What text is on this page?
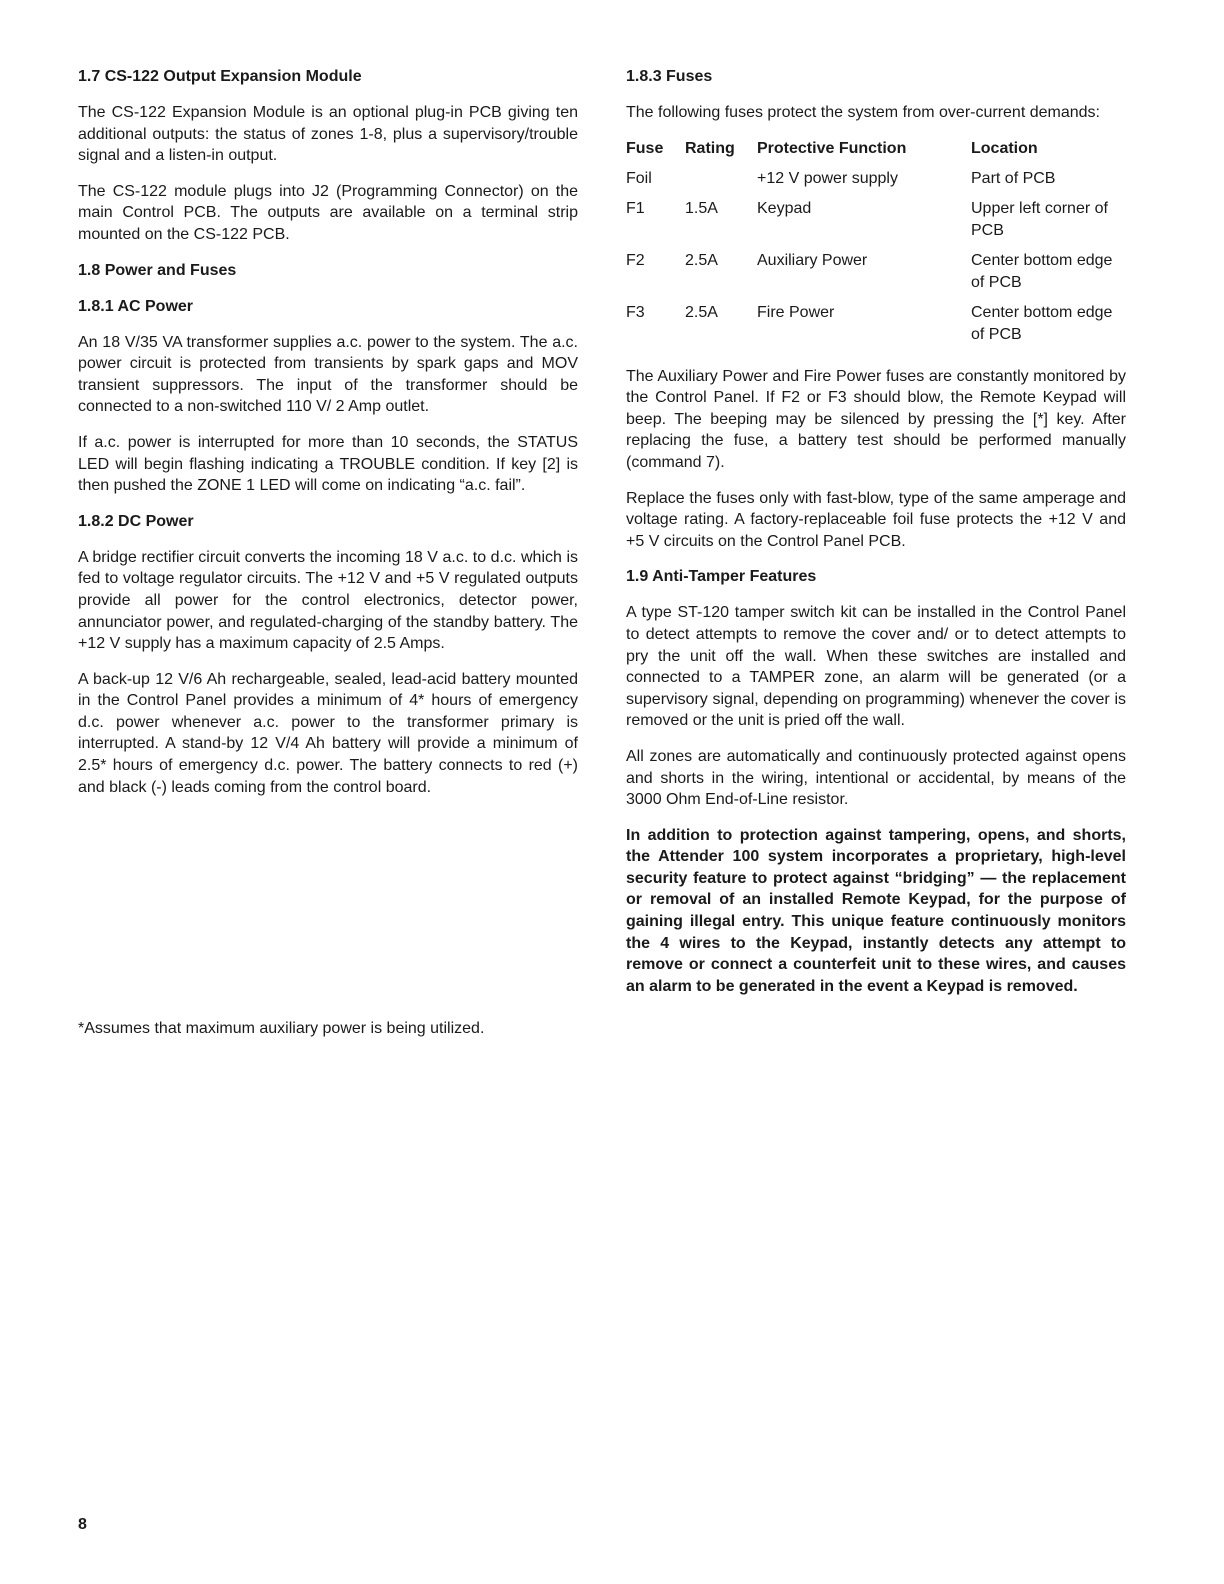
1.7 CS-122 Output Expansion Module

The CS-122 Expansion Module is an optional plug-in PCB giving ten additional outputs: the status of zones 1-8, plus a supervisory/trouble signal and a listen-in output.

The CS-122 module plugs into J2 (Programming Connector) on the main Control PCB. The outputs are available on a terminal strip mounted on the CS-122 PCB.

1.8 Power and Fuses
1.8.1 AC Power

An 18 V/35 VA transformer supplies a.c. power to the system. The a.c. power circuit is protected from transients by spark gaps and MOV transient suppressors. The input of the transformer should be connected to a non-switched 110 V/ 2 Amp outlet.

If a.c. power is interrupted for more than 10 seconds, the STATUS LED will begin flashing indicating a TROUBLE condition. If key [2] is then pushed the ZONE 1 LED will come on indicating “a.c. fail”.

1.8.2 DC Power

A bridge rectifier circuit converts the incoming 18 V a.c. to d.c. which is fed to voltage regulator circuits. The +12 V and +5 V regulated outputs provide all power for the control electronics, detector power, annunciator power, and regulated-charging of the standby battery. The +12 V supply has a maximum capacity of 2.5 Amps.

A back-up 12 V/6 Ah rechargeable, sealed, lead-acid battery mounted in the Control Panel provides a minimum of 4* hours of emergency d.c. power whenever a.c. power to the transformer primary is interrupted. A stand-by 12 V/4 Ah battery will provide a minimum of 2.5* hours of emergency d.c. power. The battery connects to red (+) and black (-) leads coming from the control board.

*Assumes that maximum auxiliary power is being utilized.

1.8.3 Fuses

The following fuses protect the system from over-current demands:

Fuse	Rating	Protective Function	Location
Foil		+12 V power supply	Part of PCB
F1	1.5A	Keypad	Upper left corner of PCB
F2	2.5A	Auxiliary Power	Center bottom edge of PCB
F3	2.5A	Fire Power	Center bottom edge of PCB

The Auxiliary Power and Fire Power fuses are constantly monitored by the Control Panel. If F2 or F3 should blow, the Remote Keypad will beep. The beeping may be silenced by pressing the [*] key. After replacing the fuse, a battery test should be performed manually (command 7).

Replace the fuses only with fast-blow, type of the same amperage and voltage rating. A factory-replaceable foil fuse protects the +12 V and +5 V circuits on the Control Panel PCB.

1.9 Anti-Tamper Features

A type ST-120 tamper switch kit can be installed in the Control Panel to detect attempts to remove the cover and/ or to detect attempts to pry the unit off the wall. When these switches are installed and connected to a TAMPER zone, an alarm will be generated (or a supervisory signal, depending on programming) whenever the cover is removed or the unit is pried off the wall.

All zones are automatically and continuously protected against opens and shorts in the wiring, intentional or accidental, by means of the 3000 Ohm End-of-Line resistor.

In addition to protection against tampering, opens, and shorts, the Attender 100 system incorporates a proprietary, high-level security feature to protect against “bridging” — the replacement or removal of an installed Remote Keypad, for the purpose of gaining illegal entry. This unique feature continuously monitors the 4 wires to the Keypad, instantly detects any attempt to remove or connect a counterfeit unit to these wires, and causes an alarm to be generated in the event a Keypad is removed.

8
